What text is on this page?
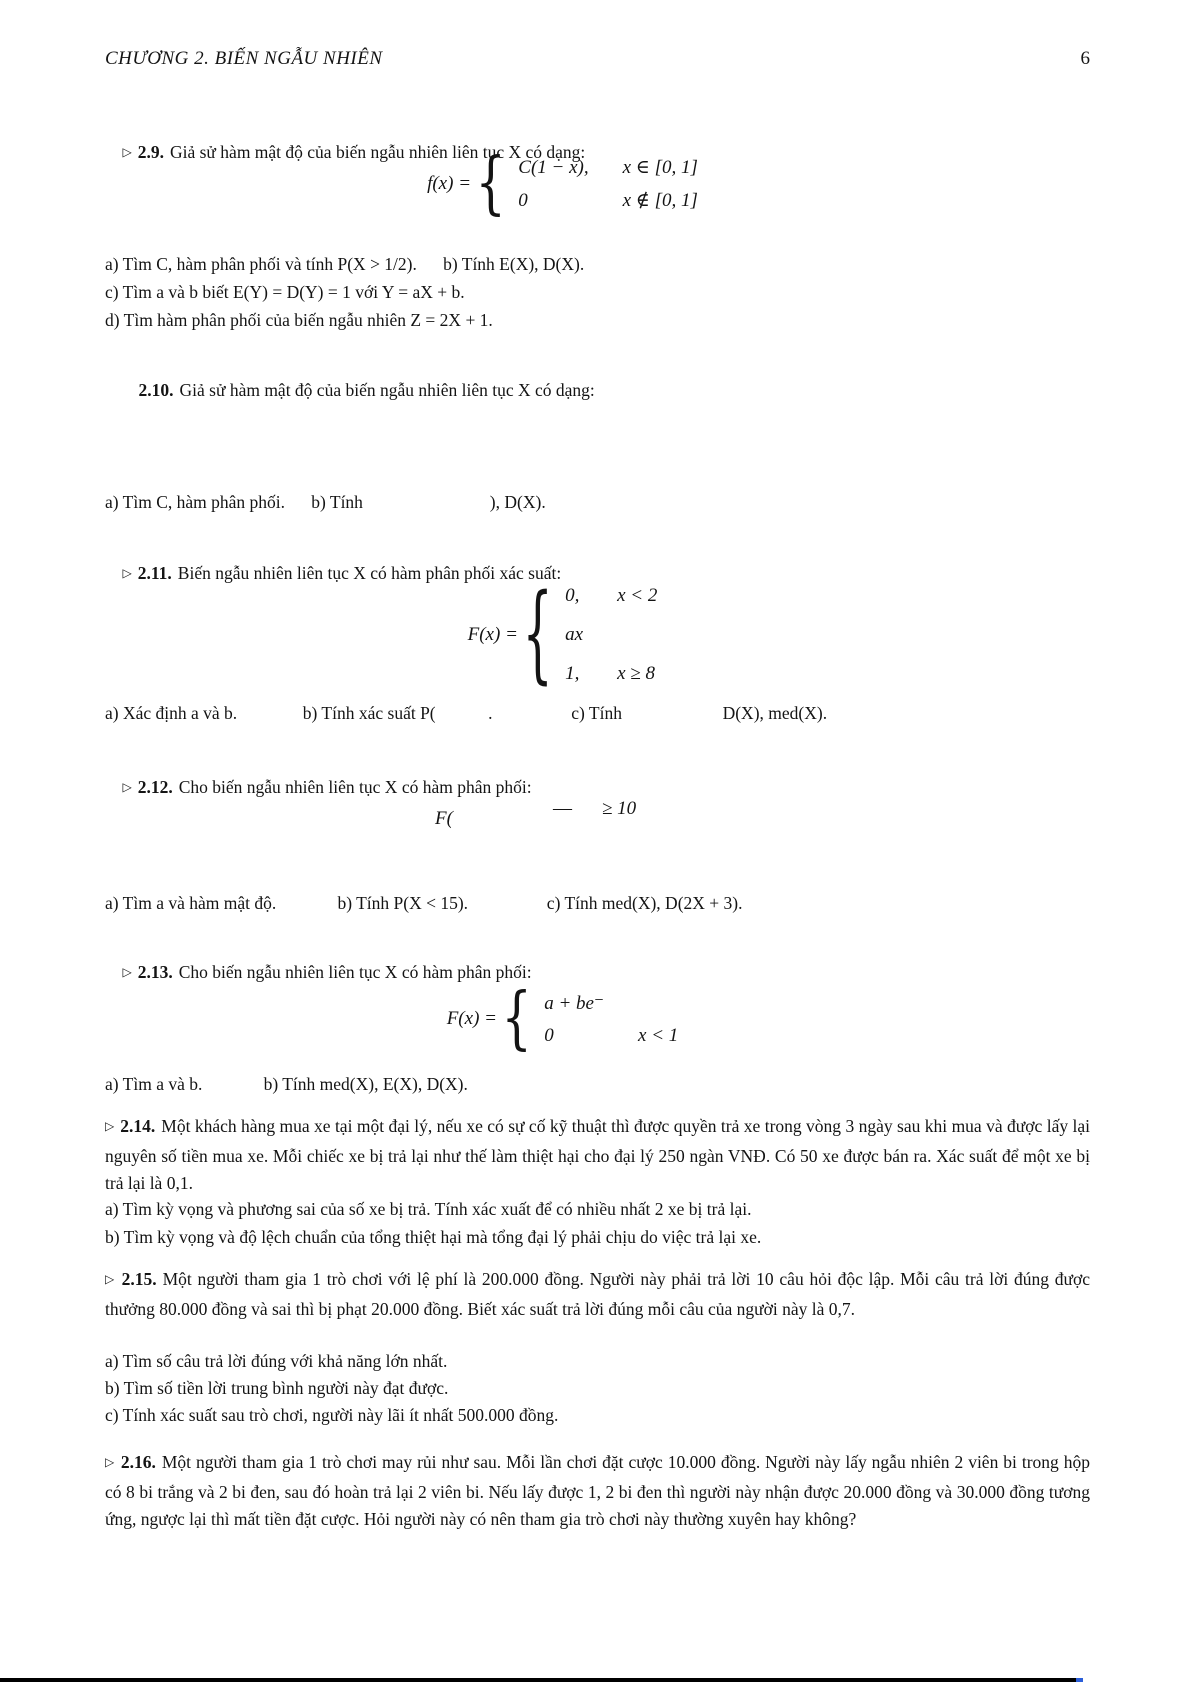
CHƯƠNG 2. BIẾN NGẪU NHIÊN	6

▷ 2.9. Giả sử hàm mật độ của biến ngẫu nhiên liên tục X có dạng:

f(x) = { C(1 − x), x ∈ [0, 1]
0	x ∉ [0, 1]
a) Tìm C, hàm phân phối và tính P(X > 1/2).      b) Tính E(X), D(X).
c) Tìm a và b biết E(Y) = D(Y) = 1 với Y = aX + b.
d) Tìm hàm phân phối của biến ngẫu nhiên Z = 2X + 1.

2.10. Giả sử hàm mật độ của biến ngẫu nhiên liên tục X có dạng:

a) Tìm C, hàm phân phối.      b) Tính                             ), D(X).

▷ 2.11. Biến ngẫu nhiên liên tục X có hàm phân phối xác suất:

F(x) = { 0, x < 2
ax
1, x ≥ 8
a) Xác định a và b.               b) Tính xác suất P(            .                  c) Tính                       D(X), med(X).

▷ 2.12. Cho biến ngẫu nhiên liên tục X có hàm phân phối:

F(	— ≥ 10
a) Tìm a và hàm mật độ.              b) Tính P(X < 15).                  c) Tính med(X), D(2X + 3).

▷ 2.13. Cho biến ngẫu nhiên liên tục X có hàm phân phối:

F(x) = { a + be⁻
0	x < 1
a) Tìm a và b.              b) Tính med(X), E(X), D(X).

▷ 2.14. Một khách hàng mua xe tại một đại lý, nếu xe có sự cố kỹ thuật thì được quyền trả xe trong vòng 3 ngày sau khi mua và được lấy lại nguyên số tiền mua xe. Mỗi chiếc xe bị trả lại như thế làm thiệt hại cho đại lý 250 ngàn VNĐ. Có 50 xe được bán ra. Xác suất để một xe bị trả lại là 0,1.

a) Tìm kỳ vọng và phương sai của số xe bị trả. Tính xác xuất để có nhiều nhất 2 xe bị trả lại.
b) Tìm kỳ vọng và độ lệch chuẩn của tổng thiệt hại mà tổng đại lý phải chịu do việc trả lại xe.

▷ 2.15. Một người tham gia 1 trò chơi với lệ phí là 200.000 đồng. Người này phải trả lời 10 câu hỏi độc lập. Mỗi câu trả lời đúng được thưởng 80.000 đồng và sai thì bị phạt 20.000 đồng. Biết xác suất trả lời đúng mỗi câu của người này là 0,7.

a) Tìm số câu trả lời đúng với khả năng lớn nhất.
b) Tìm số tiền lời trung bình người này đạt được.
c) Tính xác suất sau trò chơi, người này lãi ít nhất 500.000 đồng.

▷ 2.16. Một người tham gia 1 trò chơi may rủi như sau. Mỗi lần chơi đặt cược 10.000 đồng. Người này lấy ngẫu nhiên 2 viên bi trong hộp có 8 bi trắng và 2 bi đen, sau đó hoàn trả lại 2 viên bi. Nếu lấy được 1, 2 bi đen thì người này nhận được 20.000 đồng và 30.000 đồng tương ứng, ngược lại thì mất tiền đặt cược. Hỏi người này có nên tham gia trò chơi này thường xuyên hay không?
